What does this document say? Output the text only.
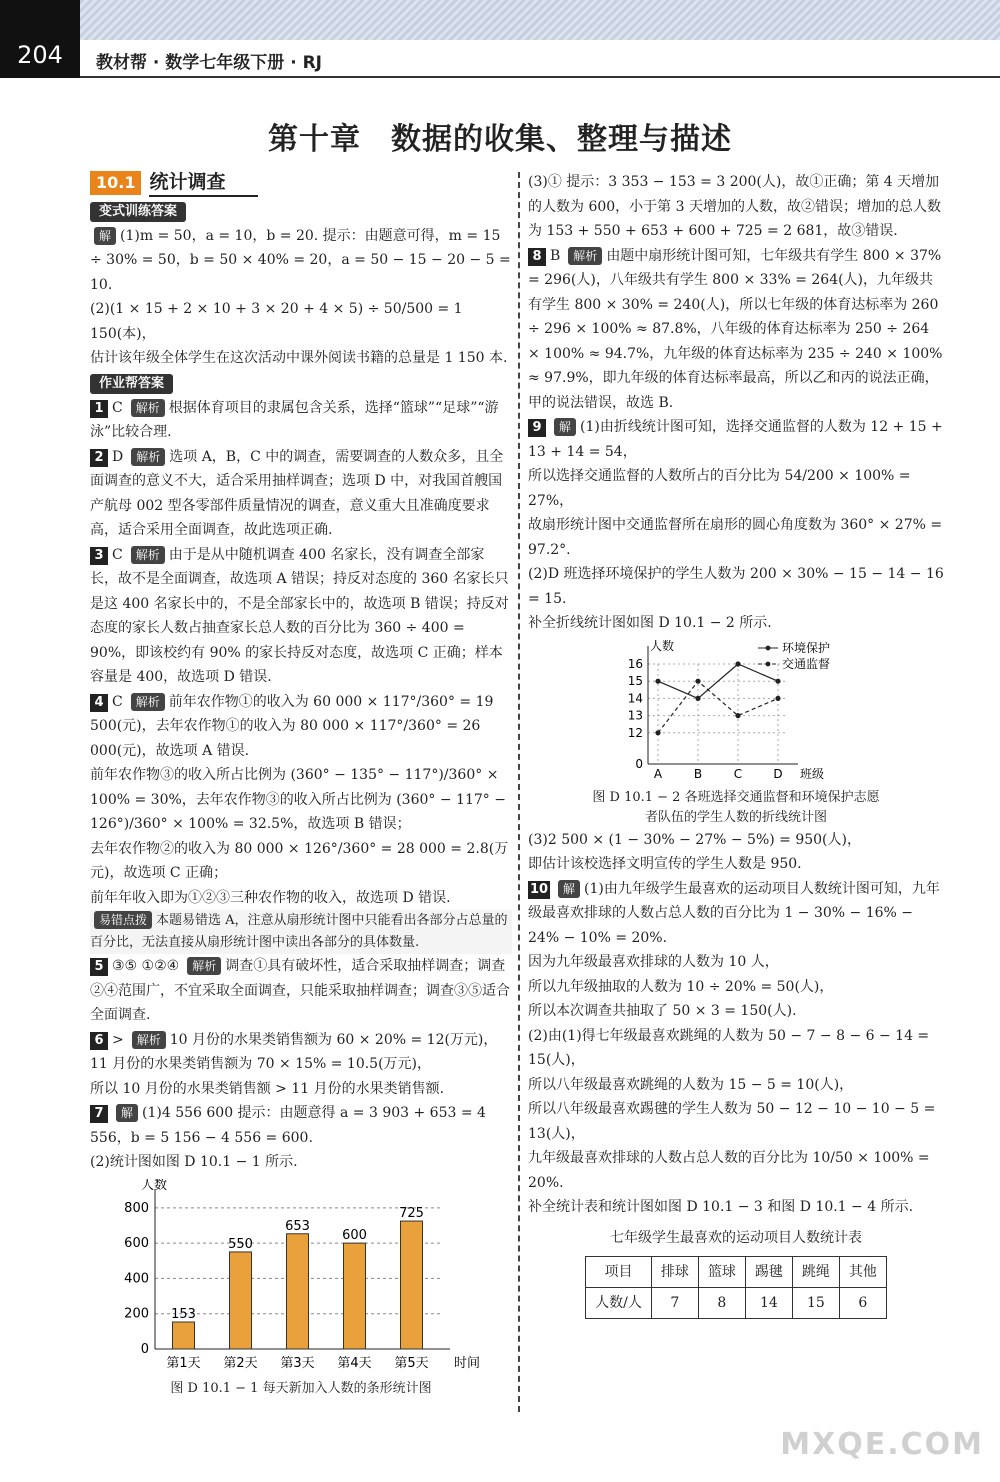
204	教材帮 · 数学七年级下册 · RJ
第十章 数据的收集、整理与描述
10.1 统计调查
变式训练答案

解 (1)m = 50，a = 10，b = 20. 提示：由题意可得，m = 15 ÷ 30% = 50，b = 50 × 40% = 20，a = 50 − 15 − 20 − 5 = 10.

(2)(1 × 15 + 2 × 10 + 3 × 20 + 4 × 5) ÷ 50/500 = 1 150(本)，

估计该年级全体学生在这次活动中课外阅读书籍的总量是 1 150 本.

作业帮答案

1 C 解析 根据体育项目的隶属包含关系，选择“篮球”“足球”“游泳”比较合理.

2 D 解析 选项 A，B，C 中的调查，需要调查的人数众多，且全面调查的意义不大，适合采用抽样调查；选项 D 中，对我国首艘国产航母 002 型各零部件质量情况的调查，意义重大且准确度要求高，适合采用全面调查，故此选项正确.

3 C 解析 由于是从中随机调查 400 名家长，没有调查全部家长，故不是全面调查，故选项 A 错误；持反对态度的 360 名家长只是这 400 名家长中的，不是全部家长中的，故选项 B 错误；持反对态度的家长人数占抽查家长总人数的百分比为 360 ÷ 400 = 90%，即该校约有 90% 的家长持反对态度，故选项 C 正确；样本容量是 400，故选项 D 错误.

4 C 解析 前年农作物①的收入为 60 000 × 117°/360° = 19 500(元)，去年农作物①的收入为 80 000 × 117°/360° = 26 000(元)，故选项 A 错误.

前年农作物③的收入所占比例为 (360° − 135° − 117°)/360° × 100% = 30%，去年农作物③的收入所占比例为 (360° − 117° − 126°)/360° × 100% = 32.5%，故选项 B 错误；

去年农作物②的收入为 80 000 × 126°/360° = 28 000 = 2.8(万元)，故选项 C 正确；

前年年收入即为①②③三种农作物的收入，故选项 D 错误.

易错点拨 本题易错选 A，注意从扇形统计图中只能看出各部分占总量的百分比，无法直接从扇形统计图中读出各部分的具体数量.

5 ③⑤ ①②④ 解析 调查①具有破坏性，适合采取抽样调查；调查②④范围广，不宜采取全面调查，只能采取抽样调查；调查③⑤适合全面调查.

6 > 解析 10 月份的水果类销售额为 60 × 20% = 12(万元)，

11 月份的水果类销售额为 70 × 15% = 10.5(万元)，

所以 10 月份的水果类销售额 > 11 月份的水果类销售额.

7 解 (1)4 556 600 提示：由题意得 a = 3 903 + 653 = 4 556，b = 5 156 − 4 556 = 600.

(2)统计图如图 D 10.1 − 1 所示.

0
200
400
600
800
人数
时间
153
第1天
550
第2天
653
第3天
600
第4天
725
第5天
图 D 10.1 − 1 每天新加入人数的条形统计图

(3)① 提示：3 353 − 153 = 3 200(人)，故①正确；第 4 天增加的人数为 600，小于第 3 天增加的人数，故②错误；增加的总人数为 153 + 550 + 653 + 600 + 725 = 2 681，故③错误.

8 B 解析 由题中扇形统计图可知，七年级共有学生 800 × 37% = 296(人)，八年级共有学生 800 × 33% = 264(人)，九年级共有学生 800 × 30% = 240(人)，所以七年级的体育达标率为 260 ÷ 296 × 100% ≈ 87.8%，八年级的体育达标率为 250 ÷ 264 × 100% ≈ 94.7%，九年级的体育达标率为 235 ÷ 240 × 100% ≈ 97.9%，即九年级的体育达标率最高，所以乙和丙的说法正确，甲的说法错误，故选 B.

9 解 (1)由折线统计图可知，选择交通监督的人数为 12 + 15 + 13 + 14 = 54，

所以选择交通监督的人数所占的百分比为 54/200 × 100% = 27%，

故扇形统计图中交通监督所在扇形的圆心角度数为 360° × 27% = 97.2°.

(2)D 班选择环境保护的学生人数为 200 × 30% − 15 − 14 − 16 = 15.

补全折线统计图如图 D 10.1 − 2 所示.

0
12
13
14
15
16
A	B	C	D
人数
班级
环境保护
交通监督
图 D 10.1 − 2 各班选择交通监督和环境保护志愿
者队伍的学生人数的折线统计图

(3)2 500 × (1 − 30% − 27% − 5%) = 950(人)，

即估计该校选择文明宣传的学生人数是 950.

10 解 (1)由九年级学生最喜欢的运动项目人数统计图可知，九年级最喜欢排球的人数占总人数的百分比为 1 − 30% − 16% − 24% − 10% = 20%.

因为九年级最喜欢排球的人数为 10 人，

所以九年级抽取的人数为 10 ÷ 20% = 50(人)，

所以本次调查共抽取了 50 × 3 = 150(人).

(2)由(1)得七年级最喜欢跳绳的人数为 50 − 7 − 8 − 6 − 14 = 15(人)，

所以八年级最喜欢跳绳的人数为 15 − 5 = 10(人)，

所以八年级最喜欢踢毽的学生人数为 50 − 12 − 10 − 10 − 5 = 13(人)，

九年级最喜欢排球的人数占总人数的百分比为 10/50 × 100% = 20%.

补全统计表和统计图如图 D 10.1 − 3 和图 D 10.1 − 4 所示.

七年级学生最喜欢的运动项目人数统计表
项目	排球	篮球	踢毽	跳绳	其他
人数/人	7	8	14	15	6
MXQE.COM
